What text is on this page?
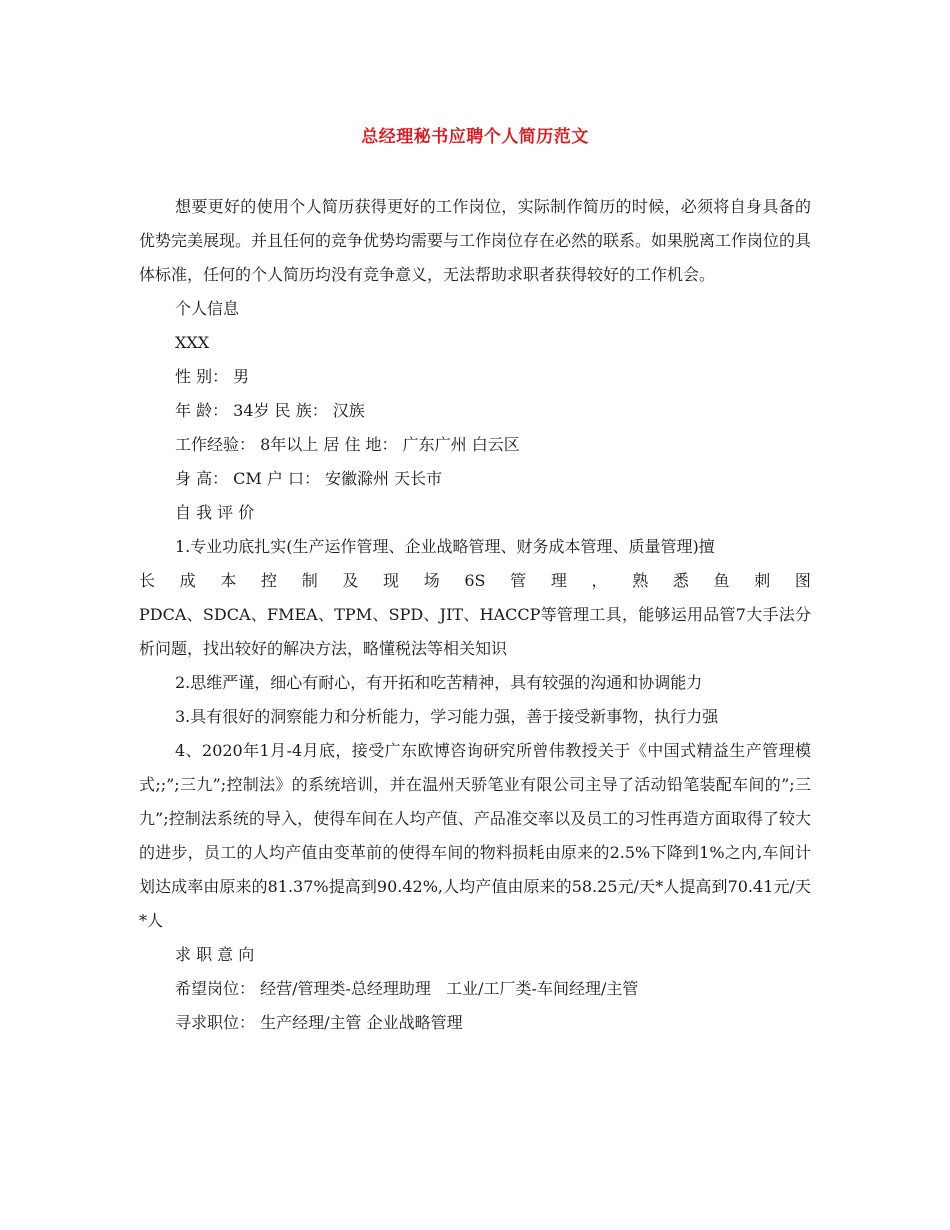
总经理秘书应聘个人简历范文

想要更好的使用个人简历获得更好的工作岗位，实际制作简历的时候，必须将自身具备的优势完美展现。并且任何的竞争优势均需要与工作岗位存在必然的联系。如果脱离工作岗位的具体标准，任何的个人简历均没有竞争意义，无法帮助求职者获得较好的工作机会。

个人信息

XXX

性 别： 男

年 龄： 34岁 民 族： 汉族

工作经验： 8年以上 居 住 地： 广东广州 白云区

身 高： CM 户 口： 安徽滁州 天长市

自 我 评 价

1.专业功底扎实(生产运作管理、企业战略管理、财务成本管理、质量管理)擅

长 成 本 控 制 及 现 场 6S 管 理 ， 熟 悉 鱼 刺 图

PDCA、SDCA、FMEA、TPM、SPD、JIT、HACCP等管理工具，能够运用品管7大手法分析问题，找出较好的解决方法，略懂税法等相关知识

2.思维严谨，细心有耐心，有开拓和吃苦精神，具有较强的沟通和协调能力

3.具有很好的洞察能力和分析能力，学习能力强，善于接受新事物，执行力强

4、2020年1月-4月底，接受广东欧博咨询研究所曾伟教授关于《中国式精益生产管理模式;;”;三九”;控制法》的系统培训，并在温州天骄笔业有限公司主导了活动铅笔装配车间的”;三九”;控制法系统的导入，使得车间在人均产值、产品准交率以及员工的习性再造方面取得了较大的进步，员工的人均产值由变革前的使得车间的物料损耗由原来的2.5%下降到1%之内,车间计划达成率由原来的81.37%提高到90.42%,人均产值由原来的58.25元/天*人提高到70.41元/天*人

求 职 意 向

希望岗位： 经营/管理类-总经理助理   工业/工厂类-车间经理/主管

寻求职位： 生产经理/主管 企业战略管理
